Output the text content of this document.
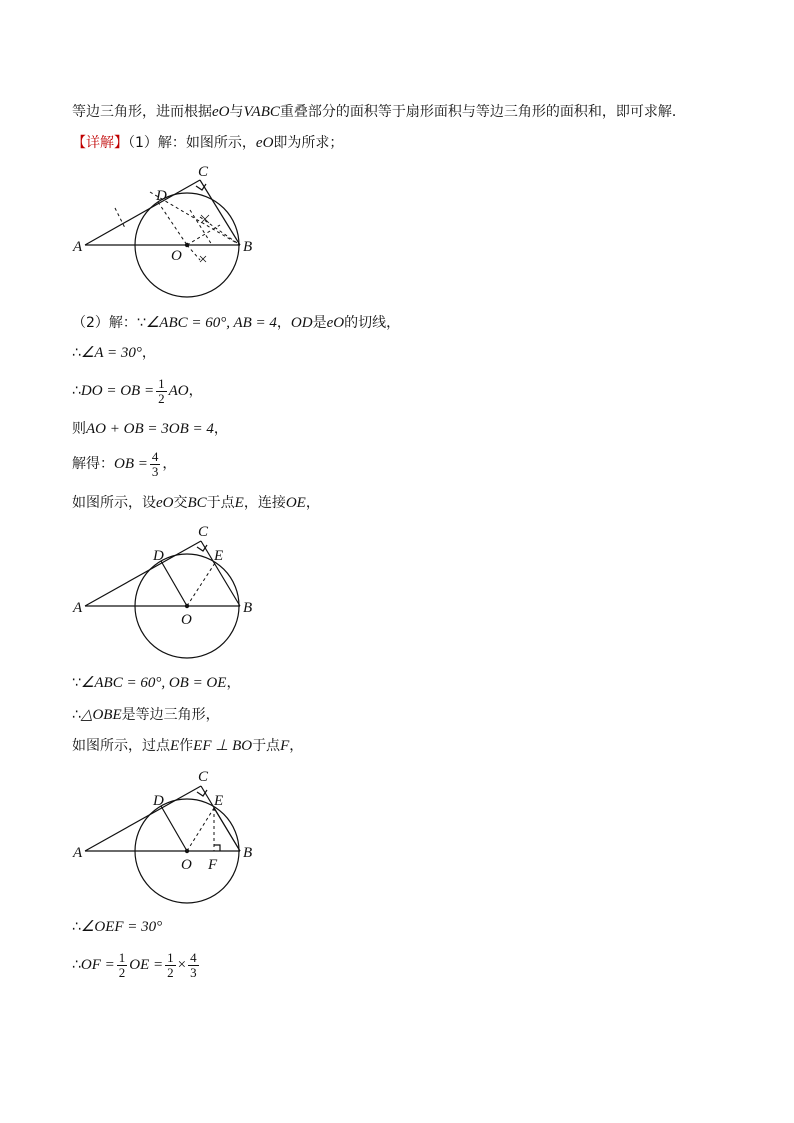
等边三角形，进而根据eO与VABC重叠部分的面积等于扇形面积与等边三角形的面积和，即可求解．
【详解】（1）解：如图所示，eO即为所求；
A	B
C
D
O
（2）解：∵∠ABC = 60°, AB = 4，OD是eO的切线，
∴∠A = 30°，
∴DO = OB = $\frac{1}{2}$ AO，
则AO + OB = 3OB = 4，
解得：OB = $\frac{4}{3}$ ，
如图所示，设eO交BC于点E，连接OE，
A	B
C
D	E
O
∵∠ABC = 60°, OB = OE，
∴△OBE是等边三角形，
如图所示，过点E作EF ⊥ BO于点F，
A	B
C
D	E
O F
∴∠OEF = 30°
∴OF = $\frac{1}{2}$ OE = $\frac{1}{2} \times \frac{4}{3}$
